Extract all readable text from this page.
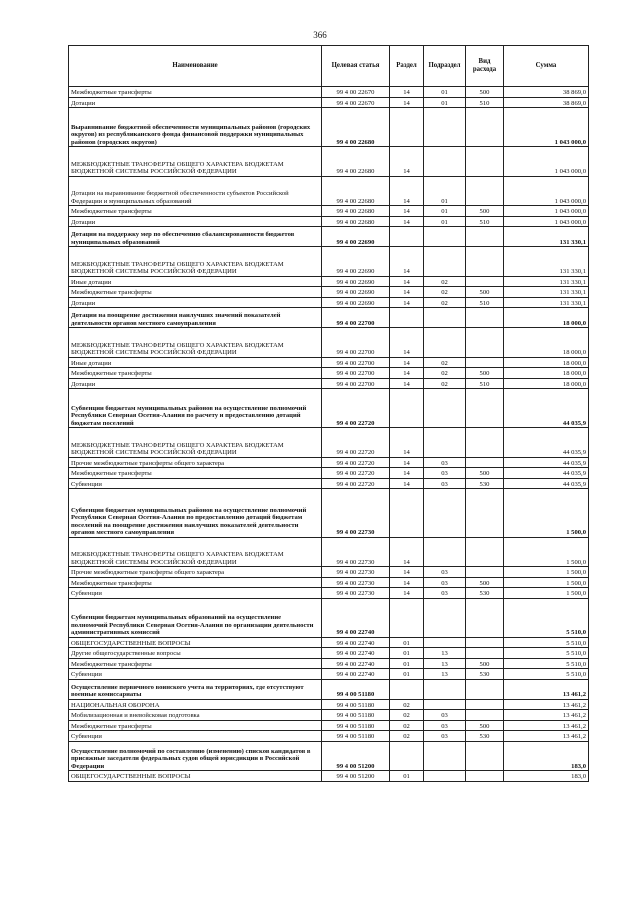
366
Наименование	Целевая статья	Раздел	Подраздел	Вид расхода	Сумма
Межбюджетные трансферты	99 4 00 22670	14	01	500	38 869,0
Дотации	99 4 00 22670	14	01	510	38 869,0
Выравнивание бюджетной обеспеченности муниципальных районов (городских округов) из республиканского фонда финансовой поддержки муниципальных районов (городских округов)	99 4 00 22680				1 043 000,0
МЕЖБЮДЖЕТНЫЕ ТРАНСФЕРТЫ ОБЩЕГО ХАРАКТЕРА БЮДЖЕТАМ БЮДЖЕТНОЙ СИСТЕМЫ РОССИЙСКОЙ ФЕДЕРАЦИИ	99 4 00 22680	14			1 043 000,0
Дотации на выравнивание бюджетной обеспеченности субъектов Российской Федерации и муниципальных образований	99 4 00 22680	14	01		1 043 000,0
Межбюджетные трансферты	99 4 00 22680	14	01	500	1 043 000,0
Дотации	99 4 00 22680	14	01	510	1 043 000,0
Дотации на поддержку мер по обеспечению сбалансированности бюджетов муниципальных образований	99 4 00 22690				131 330,1
МЕЖБЮДЖЕТНЫЕ ТРАНСФЕРТЫ ОБЩЕГО ХАРАКТЕРА БЮДЖЕТАМ БЮДЖЕТНОЙ СИСТЕМЫ РОССИЙСКОЙ ФЕДЕРАЦИИ	99 4 00 22690	14			131 330,1
Иные дотации	99 4 00 22690	14	02		131 330,1
Межбюджетные трансферты	99 4 00 22690	14	02	500	131 330,1
Дотации	99 4 00 22690	14	02	510	131 330,1
Дотации на поощрение достижения наилучших значений показателей деятельности органов местного самоуправления	99 4 00 22700				18 000,0
МЕЖБЮДЖЕТНЫЕ ТРАНСФЕРТЫ ОБЩЕГО ХАРАКТЕРА БЮДЖЕТАМ БЮДЖЕТНОЙ СИСТЕМЫ РОССИЙСКОЙ ФЕДЕРАЦИИ	99 4 00 22700	14			18 000,0
Иные дотации	99 4 00 22700	14	02		18 000,0
Межбюджетные трансферты	99 4 00 22700	14	02	500	18 000,0
Дотации	99 4 00 22700	14	02	510	18 000,0
Субвенции бюджетам муниципальных районов на осуществление полномочий Республики Северная Осетия-Алания по расчету и предоставлению дотаций бюджетам поселений	99 4 00 22720				44 035,9
МЕЖБЮДЖЕТНЫЕ ТРАНСФЕРТЫ ОБЩЕГО ХАРАКТЕРА БЮДЖЕТАМ БЮДЖЕТНОЙ СИСТЕМЫ РОССИЙСКОЙ ФЕДЕРАЦИИ	99 4 00 22720	14			44 035,9
Прочие межбюджетные трансферты общего характера	99 4 00 22720	14	03		44 035,9
Межбюджетные трансферты	99 4 00 22720	14	03	500	44 035,9
Субвенции	99 4 00 22720	14	03	530	44 035,9
Субвенции бюджетам муниципальных районов на осуществление полномочий Республики Северная Осетия-Алания по предоставлению дотаций бюджетам поселений на поощрение достижения наилучших показателей деятельности органов местного самоуправления	99 4 00 22730				1 500,0
МЕЖБЮДЖЕТНЫЕ ТРАНСФЕРТЫ ОБЩЕГО ХАРАКТЕРА БЮДЖЕТАМ БЮДЖЕТНОЙ СИСТЕМЫ РОССИЙСКОЙ ФЕДЕРАЦИИ	99 4 00 22730	14			1 500,0
Прочие межбюджетные трансферты общего характера	99 4 00 22730	14	03		1 500,0
Межбюджетные трансферты	99 4 00 22730	14	03	500	1 500,0
Субвенции	99 4 00 22730	14	03	530	1 500,0
Субвенции бюджетам муниципальных образований на осуществление полномочий Республики Северная Осетия-Алания по организации деятельности административных комиссий	99 4 00 22740				5 510,0
ОБЩЕГОСУДАРСТВЕННЫЕ ВОПРОСЫ	99 4 00 22740	01			5 510,0
Другие общегосударственные вопросы	99 4 00 22740	01	13		5 510,0
Межбюджетные трансферты	99 4 00 22740	01	13	500	5 510,0
Субвенции	99 4 00 22740	01	13	530	5 510,0
Осуществление первичного воинского учета на территориях, где отсутствуют военные комиссариаты	99 4 00 51180				13 461,2
НАЦИОНАЛЬНАЯ ОБОРОНА	99 4 00 51180	02			13 461,2
Мобилизационная и вневойсковая подготовка	99 4 00 51180	02	03		13 461,2
Межбюджетные трансферты	99 4 00 51180	02	03	500	13 461,2
Субвенции	99 4 00 51180	02	03	530	13 461,2
Осуществление полномочий по составлению (изменению) списков кандидатов в присяжные заседатели федеральных судов общей юрисдикции в Российской Федерации	99 4 00 51200				183,0
ОБЩЕГОСУДАРСТВЕННЫЕ ВОПРОСЫ	99 4 00 51200	01			183,0
